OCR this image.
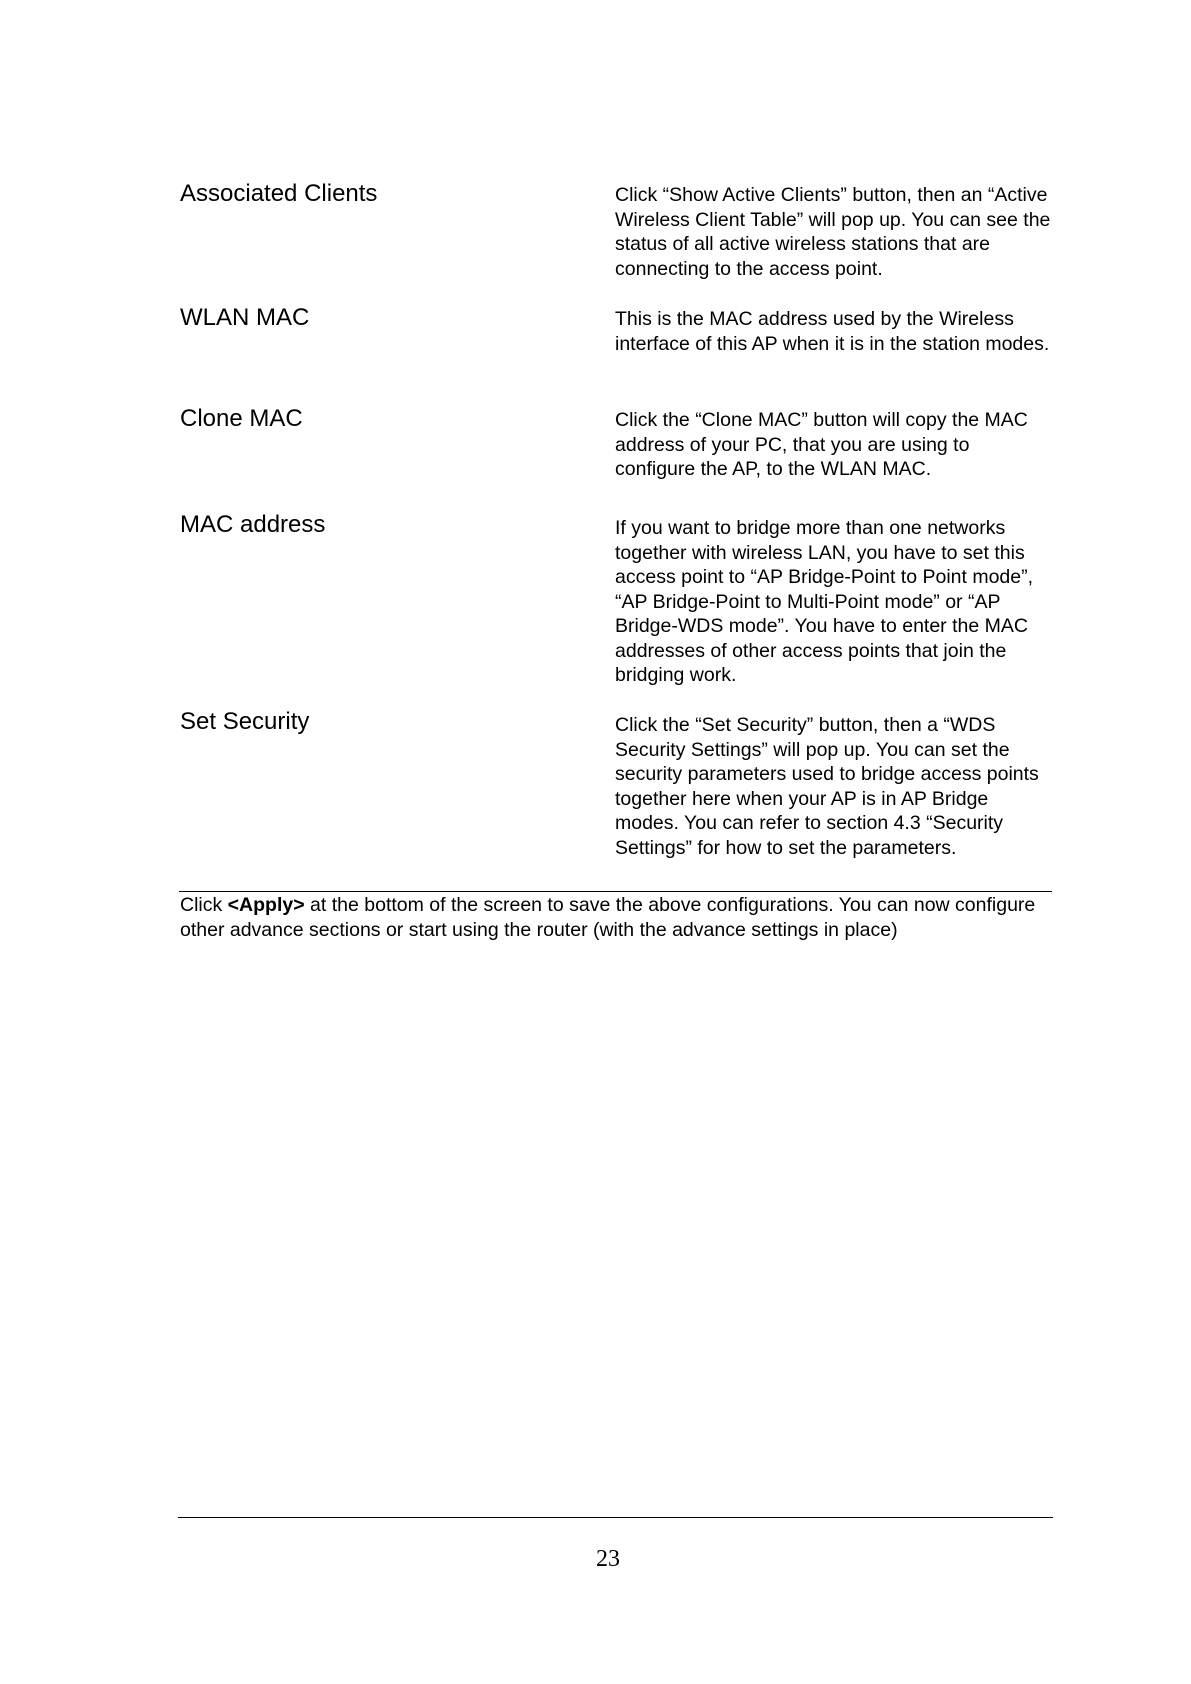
Associated Clients	Click “Show Active Clients” button, then an “Active Wireless Client Table” will pop up. You can see the status of all active wireless stations that are connecting to the access point.

WLAN MAC	This is the MAC address used by the Wireless interface of this AP when it is in the station modes.

Clone MAC	Click the “Clone MAC” button will copy the MAC address of your PC, that you are using to configure the AP, to the WLAN MAC.

MAC address	If you want to bridge more than one networks together with wireless LAN, you have to set this access point to “AP Bridge-Point to Point mode”, “AP Bridge-Point to Multi-Point mode” or “AP Bridge-WDS mode”. You have to enter the MAC addresses of other access points that join the bridging work.

Set Security	Click the “Set Security” button, then a “WDS Security Settings” will pop up. You can set the security parameters used to bridge access points together here when your AP is in AP Bridge modes. You can refer to section 4.3 “Security Settings” for how to set the parameters.

Click <Apply> at the bottom of the screen to save the above configurations. You can now configure other advance sections or start using the router (with the advance settings in place)
23
